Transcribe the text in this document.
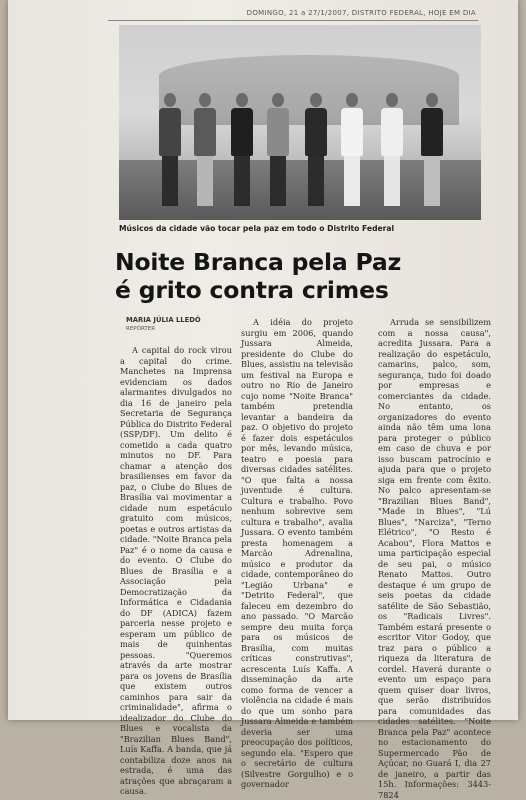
DOMINGO, 21 a 27/1/2007, DISTRITO FEDERAL, HOJE EM DIA
Músicos da cidade vão tocar pela paz em todo o Distrito Federal
Noite Branca pela Paz
é grito contra crimes
MARIA JÚLIA LLEDÓ
REPÓRTER

A capital do rock virou a capital do crime. Manchetes na Imprensa evidenciam os dados alarmantes divulgados no dia 16 de janeiro pela Secretaria de Segurança Pública do Distrito Federal (SSP/DF). Um delito é cometido a cada quatro minutos no DF. Para chamar a atenção dos brasilienses em favor da paz, o Clube do Blues de Brasília vai movimentar a cidade num espetáculo gratuito com músicos, poetas e outros artistas da cidade. "Noite Branca pela Paz" é o nome da causa e do evento. O Clube do Blues de Brasília e a Associação pela Democratização da Informática e Cidadania do DF (ADICA) fazem parceria nesse projeto e esperam um público de mais de quinhentas pessoas. "Queremos através da arte mostrar para os jovens de Brasília que existem outros caminhos para sair da criminalidade", afirma o idealizador do Clube do Blues e vocalista da "Brazilian Blues Band", Luís Kaffa. A banda, que já contabiliza doze anos na estrada, é uma das atrações que abraçaram a causa.

A idéia do projeto surgiu em 2006, quando Jussara Almeida, presidente do Clube do Blues, assistiu na televisão um festival na Europa e outro no Rio de Janeiro cujo nome "Noite Branca" também pretendia levantar a bandeira da paz. O objetivo do projeto é fazer dois espetáculos por mês, levando música, teatro e poesia para diversas cidades satélites. "O que falta a nossa juventude é cultura. Cultura e trabalho. Povo nenhum sobrevive sem cultura e trabalho", avalia Jussara. O evento também presta homenagem a Marcão Adrenalina, músico e produtor da cidade, contemporâneo do "Legião Urbana" e "Detrito Federal", que faleceu em dezembro do ano passado. "O Marcão sempre deu muita força para os músicos de Brasília, com muitas críticas construtivas", acrescenta Luís Kaffa. A disseminação da arte como forma de vencer a violência na cidade é mais do que um sonho para Jussara Almeida e também deveria ser uma preocupação dos políticos, segundo ela. "Espero que o secretário de cultura (Silvestre Gorgulho) e o governador

Arruda se sensibilizem com a nossa causa", acredita Jussara. Para a realização do espetáculo, camarins, palco, som, segurança, tudo foi doado por empresas e comerciantes da cidade. No entanto, os organizadores do evento ainda não têm uma lona para proteger o público em caso de chuva e por isso buscam patrocínio e ajuda para que o projeto siga em frente com êxito. No palco apresentam-se "Brazilian Blues Band", "Made in Blues", "Lú Blues", "Narciza", "Terno Elétrico", "O Resto é Acabou", Flora Mattos e uma participação especial de seu pai, o músico Renato Mattos. Outro destaque é um grupo de seis poetas da cidade satélite de São Sebastião, os "Radicais Livres". Também estará presente o escritor Vitor Godoy, que traz para o público a riqueza da literatura de cordel. Haverá durante o evento um espaço para quem quiser doar livros, que serão distribuídos para comunidades das cidades satélites. "Noite Branca pela Paz" acontece no estacionamento do Supermercado Pão de Açúcar, no Guará I, dia 27 de janeiro, a partir das 15h. Informações: 3443-7824
